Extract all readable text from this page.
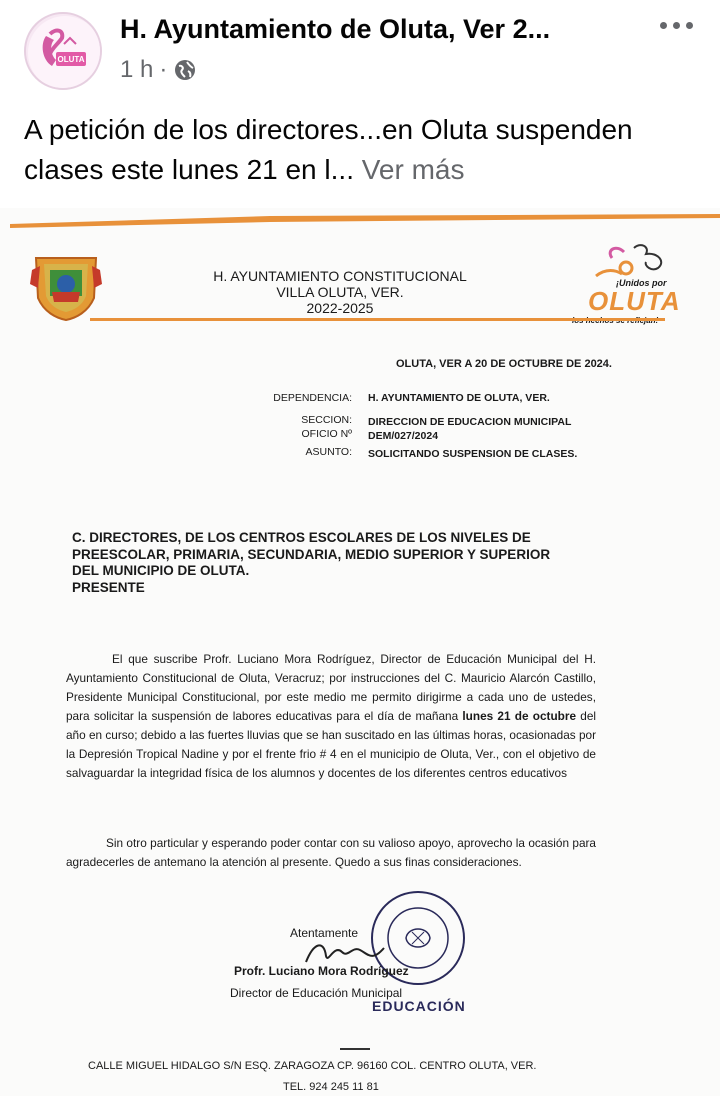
OLUTA
H. Ayuntamiento de Oluta, Ver 2...
1 h ·
A petición de los directores...en Oluta suspenden clases este lunes 21 en l... Ver más
H. AYUNTAMIENTO CONSTITUCIONAL
VILLA OLUTA, VER.
2022-2025
¡Unidos por
OLUTA
OLUTA, VER A 20 DE OCTUBRE DE 2024.
DEPENDENCIA: H. AYUNTAMIENTO DE OLUTA, VER.
SECCION: DIRECCION DE EDUCACION MUNICIPAL
OFICIO Nº DEM/027/2024
ASUNTO: SOLICITANDO SUSPENSION DE CLASES.
C. DIRECTORES, DE LOS CENTROS ESCOLARES DE LOS NIVELES DE
PREESCOLAR, PRIMARIA, SECUNDARIA, MEDIO SUPERIOR Y SUPERIOR
DEL MUNICIPIO DE OLUTA.
PRESENTE
El que suscribe Profr. Luciano Mora Rodríguez, Director de Educación Municipal del H. Ayuntamiento Constitucional de Oluta, Veracruz; por instrucciones del C. Mauricio Alarcón Castillo, Presidente Municipal Constitucional, por este medio me permito dirigirme a cada uno de ustedes, para solicitar la suspensión de labores educativas para el día de mañana lunes 21 de octubre del año en curso; debido a las fuertes lluvias que se han suscitado en las últimas horas, ocasionadas por la Depresión Tropical Nadine y por el frente frio # 4 en el municipio de Oluta, Ver., con el objetivo de salvaguardar la integridad física de los alumnos y docentes de los diferentes centros educativos
Sin otro particular y esperando poder contar con su valioso apoyo, aprovecho la ocasión para agradecerles de antemano la atención al presente. Quedo a sus finas consideraciones.
Atentamente
Profr. Luciano Mora Rodríguez
Director de Educación Municipal
EDUCACIÓN
CALLE MIGUEL HIDALGO S/N ESQ. ZARAGOZA CP. 96160 COL. CENTRO OLUTA, VER.
TEL. 924 245 11 81
